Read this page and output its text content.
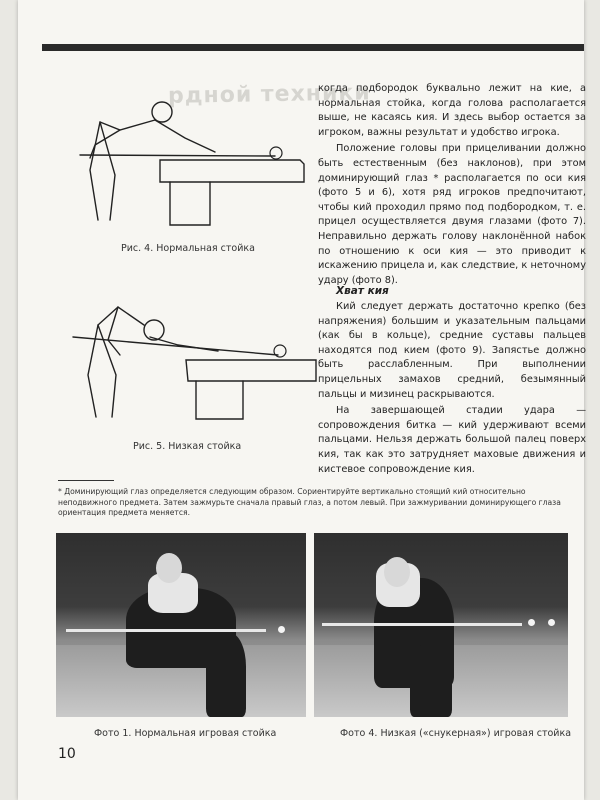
рдной техники
Рис. 4. Нормальная стойка
Рис. 5. Низкая стойка

когда подбородок буквально лежит на кие, а нормальная стойка, когда голова располагается выше, не касаясь кия. И здесь выбор остается за игроком, важны результат и удобство игрока.

Положение головы при прицеливании должно быть естественным (без наклонов), при этом доминирующий глаз * располагается по оси кия (фото 5 и 6), хотя ряд игроков предпочитают, чтобы кий проходил прямо под подбородком, т. е. прицел осуществляется двумя глазами (фото 7). Неправильно держать голову наклонённой набок по отношению к оси кия — это приводит к искажению прицела и, как следствие, к неточному удару (фото 8).

Хват кия

Кий следует держать достаточно крепко (без напряжения) большим и указательным пальцами (как бы в кольце), средние суставы пальцев находятся под кием (фото 9). Запястье должно быть расслабленным. При выполнении прицельных замахов средний, безымянный пальцы и мизинец раскрываются.

На завершающей стадии удара — сопровождения битка — кий удерживают всеми пальцами. Нельзя держать большой палец поверх кия, так как это затрудняет маховые движения и кистевое сопровождение кия.

* Доминирующий глаз определяется следующим образом. Сориентируйте вертикально стоящий кий относительно неподвижного предмета. Затем зажмурьте сначала правый глаз, а потом левый. При зажмуривании доминирующего глаза ориентация предмета меняется.
Фото 1. Нормальная игровая стойка	Фото 4. Низкая («снукерная») игровая стойка
10
